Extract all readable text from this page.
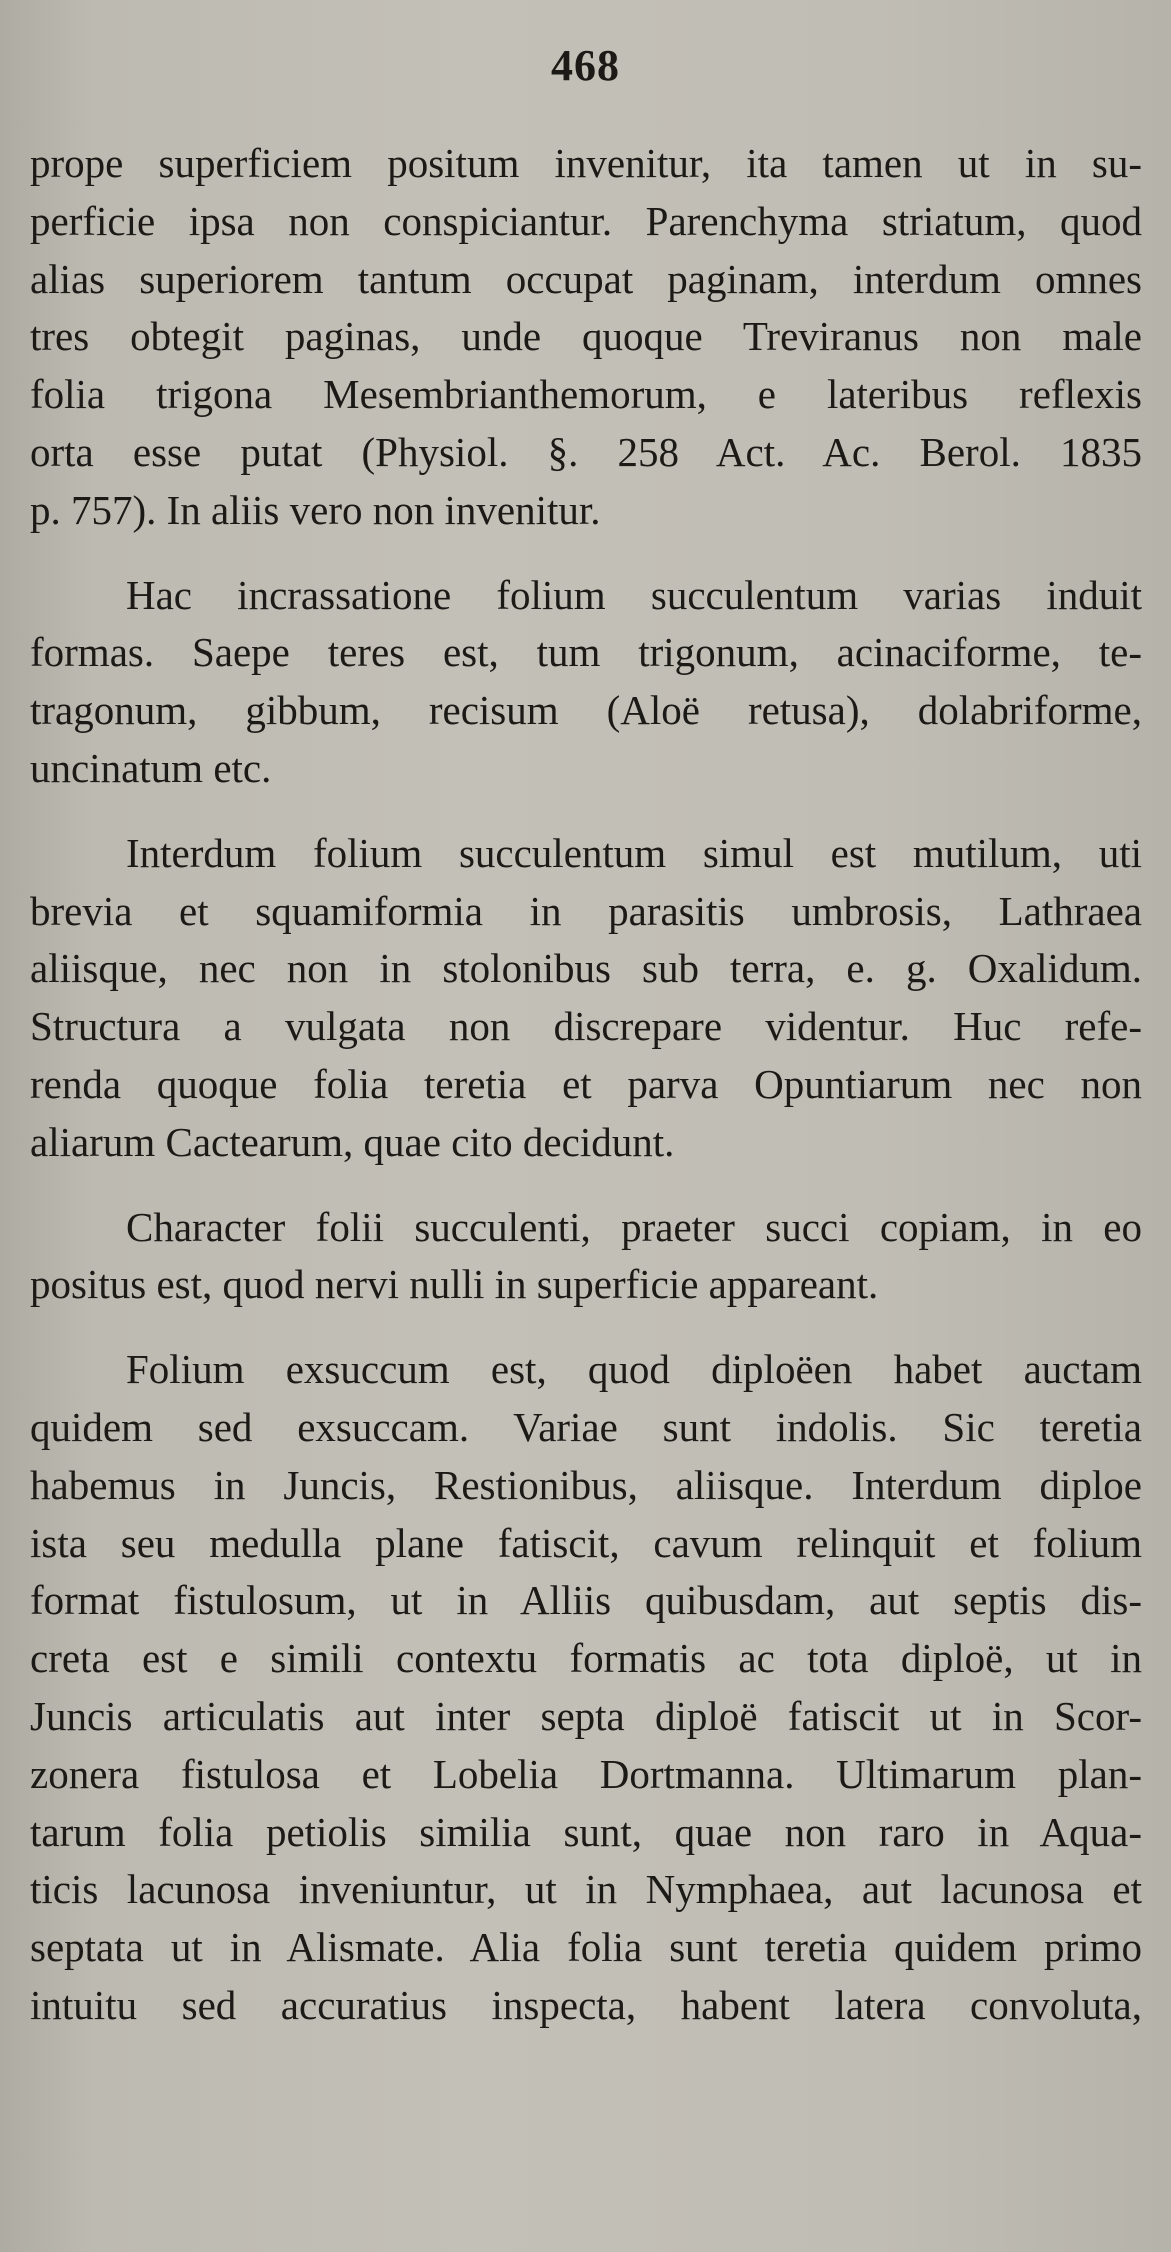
468
prope superficiem positum invenitur, ita tamen ut in su-
perficie ipsa non conspiciantur. Parenchyma striatum, quod
alias superiorem tantum occupat paginam, interdum omnes
tres obtegit paginas, unde quoque Treviranus non male
folia trigona Mesembrianthemorum, e lateribus reflexis
orta esse putat (Physiol. §. 258 Act. Ac. Berol. 1835
p. 757). In aliis vero non invenitur.
Hac incrassatione folium succulentum varias induit
formas. Saepe teres est, tum trigonum, acinaciforme, te-
tragonum, gibbum, recisum (Aloë retusa), dolabriforme,
uncinatum etc.
Interdum folium succulentum simul est mutilum, uti
brevia et squamiformia in parasitis umbrosis, Lathraea
aliisque, nec non in stolonibus sub terra, e. g. Oxalidum.
Structura a vulgata non discrepare videntur. Huc refe-
renda quoque folia teretia et parva Opuntiarum nec non
aliarum Cactearum, quae cito decidunt.
Character folii succulenti, praeter succi copiam, in eo
positus est, quod nervi nulli in superficie appareant.
Folium exsuccum est, quod diploëen habet auctam
quidem sed exsuccam. Variae sunt indolis. Sic teretia
habemus in Juncis, Restionibus, aliisque. Interdum diploe
ista seu medulla plane fatiscit, cavum relinquit et folium
format fistulosum, ut in Alliis quibusdam, aut septis dis-
creta est e simili contextu formatis ac tota diploë, ut in
Juncis articulatis aut inter septa diploë fatiscit ut in Scor-
zonera fistulosa et Lobelia Dortmanna. Ultimarum plan-
tarum folia petiolis similia sunt, quae non raro in Aqua-
ticis lacunosa inveniuntur, ut in Nymphaea, aut lacunosa et
septata ut in Alismate. Alia folia sunt teretia quidem primo
intuitu sed accuratius inspecta, habent latera convoluta,
